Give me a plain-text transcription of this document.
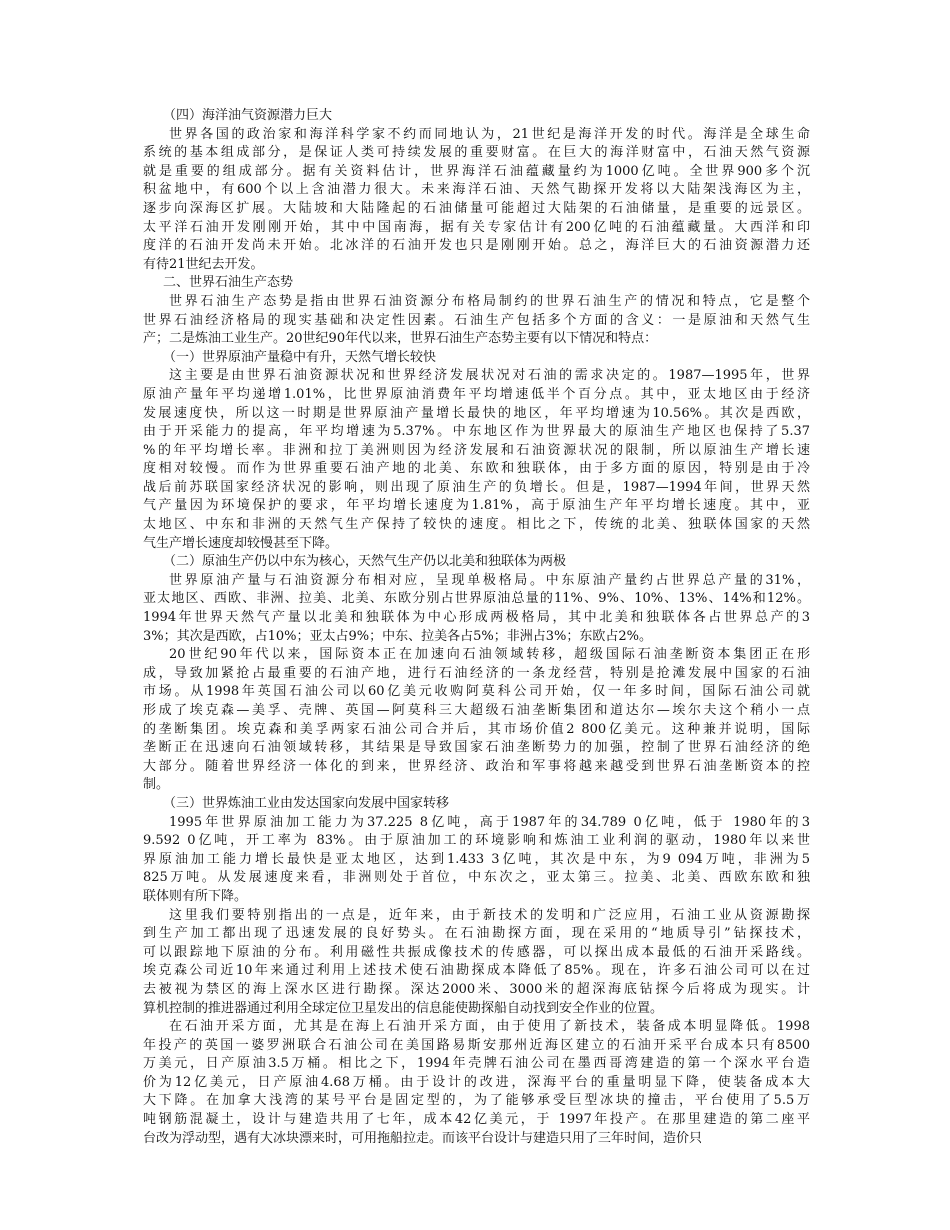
（四）海洋油气资源潜力巨大
世界各国的政治家和海洋科学家不约而同地认为，21世纪是海洋开发的时代。海洋是全球生命
系统的基本组成部分，是保证人类可持续发展的重要财富。在巨大的海洋财富中，石油天然气资源
就是重要的组成部分。据有关资料估计，世界海洋石油蕴藏量约为1000亿吨。全世界900多个沉
积盆地中，有600个以上含油潜力很大。未来海洋石油、天然气勘探开发将以大陆架浅海区为主，
逐步向深海区扩展。大陆坡和大陆隆起的石油储量可能超过大陆架的石油储量，是重要的远景区。
太平洋石油开发刚刚开始，其中中国南海，据有关专家估计有200亿吨的石油蕴藏量。大西洋和印
度洋的石油开发尚未开始。北冰洋的石油开发也只是刚刚开始。总之，海洋巨大的石油资源潜力还
有待21世纪去开发。
二、世界石油生产态势
世界石油生产态势是指由世界石油资源分布格局制约的世界石油生产的情况和特点，它是整个
世界石油经济格局的现实基础和决定性因素。石油生产包括多个方面的含义：一是原油和天然气生
产；二是炼油工业生产。20世纪90年代以来，世界石油生产态势主要有以下情况和特点：
（一）世界原油产量稳中有升，天然气增长较快
这主要是由世界石油资源状况和世界经济发展状况对石油的需求决定的。1987—1995年，世界
原油产量年平均递增1.01%，比世界原油消费年平均增速低半个百分点。其中，亚太地区由于经济
发展速度快，所以这一时期是世界原油产量增长最快的地区，年平均增速为10.56%。其次是西欧，
由于开采能力的提高，年平均增速为5.37%。中东地区作为世界最大的原油生产地区也保持了5.37
%的年平均增长率。非洲和拉丁美洲则因为经济发展和石油资源状况的限制，所以原油生产增长速
度相对较慢。而作为世界重要石油产地的北美、东欧和独联体，由于多方面的原因，特别是由于冷
战后前苏联国家经济状况的影响，则出现了原油生产的负增长。但是，1987—1994年间，世界天然
气产量因为环境保护的要求，年平均增长速度为1.81%，高于原油生产年平均增长速度。其中，亚
太地区、中东和非洲的天然气生产保持了较快的速度。相比之下，传统的北美、独联体国家的天然
气生产增长速度却较慢甚至下降。
（二）原油生产仍以中东为核心，天然气生产仍以北美和独联体为两极
世界原油产量与石油资源分布相对应，呈现单极格局。中东原油产量约占世界总产量的31%，
亚太地区、西欧、非洲、拉美、北美、东欧分别占世界原油总量的11%、9%、10%、13%、14%和12%。
1994年世界天然气产量以北美和独联体为中心形成两极格局，其中北美和独联体各占世界总产的3
3%；其次是西欧，占10%；亚太占9%；中东、拉美各占5%；非洲占3%；东欧占2%。
20世纪90年代以来，国际资本正在加速向石油领域转移，超级国际石油垄断资本集团正在形
成，导致加紧抢占最重要的石油产地，进行石油经济的一条龙经营，特别是抢滩发展中国家的石油
市场。从1998年英国石油公司以60亿美元收购阿莫科公司开始，仅一年多时间，国际石油公司就
形成了埃克森—美孚、壳牌、英国—阿莫科三大超级石油垄断集团和道达尔—埃尔夫这个稍小一点
的垄断集团。埃克森和美孚两家石油公司合并后，其市场价值2 800亿美元。这种兼并说明，国际
垄断正在迅速向石油领域转移，其结果是导致国家石油垄断势力的加强，控制了世界石油经济的绝
大部分。随着世界经济一体化的到来，世界经济、政治和军事将越来越受到世界石油垄断资本的控
制。
（三）世界炼油工业由发达国家向发展中国家转移
1995年世界原油加工能力为37.225 8亿吨，高于1987年的34.789 0亿吨，低于 1980年的3
9.592 0亿吨，开工率为 83%。由于原油加工的环境影响和炼油工业利润的驱动，1980年以来世
界原油加工能力增长最快是亚太地区，达到1.433 3亿吨，其次是中东，为9 094万吨，非洲为5
825万吨。从发展速度来看，非洲则处于首位，中东次之，亚太第三。拉美、北美、西欧东欧和独
联体则有所下降。
这里我们要特别指出的一点是，近年来，由于新技术的发明和广泛应用，石油工业从资源勘探
到生产加工都出现了迅速发展的良好势头。在石油勘探方面，现在采用的“地质导引”钻探技术，
可以跟踪地下原油的分布。利用磁性共振成像技术的传感器，可以探出成本最低的石油开采路线。
埃克森公司近10年来通过利用上述技术使石油勘探成本降低了85%。现在，许多石油公司可以在过
去被视为禁区的海上深水区进行勘探。深达2000米、3000米的超深海底钻探今后将成为现实。计
算机控制的推进器通过利用全球定位卫星发出的信息能使勘探船自动找到安全作业的位置。
在石油开采方面，尤其是在海上石油开采方面，由于使用了新技术，装备成本明显降低。1998
年投产的英国一婆罗洲联合石油公司在美国路易斯安那州近海区建立的石油开采平台成本只有8500
万美元，日产原油3.5万桶。相比之下，1994年壳牌石油公司在墨西哥湾建造的第一个深水平台造
价为12亿美元，日产原油4.68万桶。由于设计的改进，深海平台的重量明显下降，使装备成本大
大下降。在加拿大浅湾的某号平台是固定型的，为了能够承受巨型冰块的撞击，平台使用了5.5万
吨钢筋混凝土，设计与建造共用了七年，成本42亿美元，于 1997年投产。在那里建造的第二座平
台改为浮动型，遇有大冰块漂来时，可用拖船拉走。而该平台设计与建造只用了三年时间，造价只
